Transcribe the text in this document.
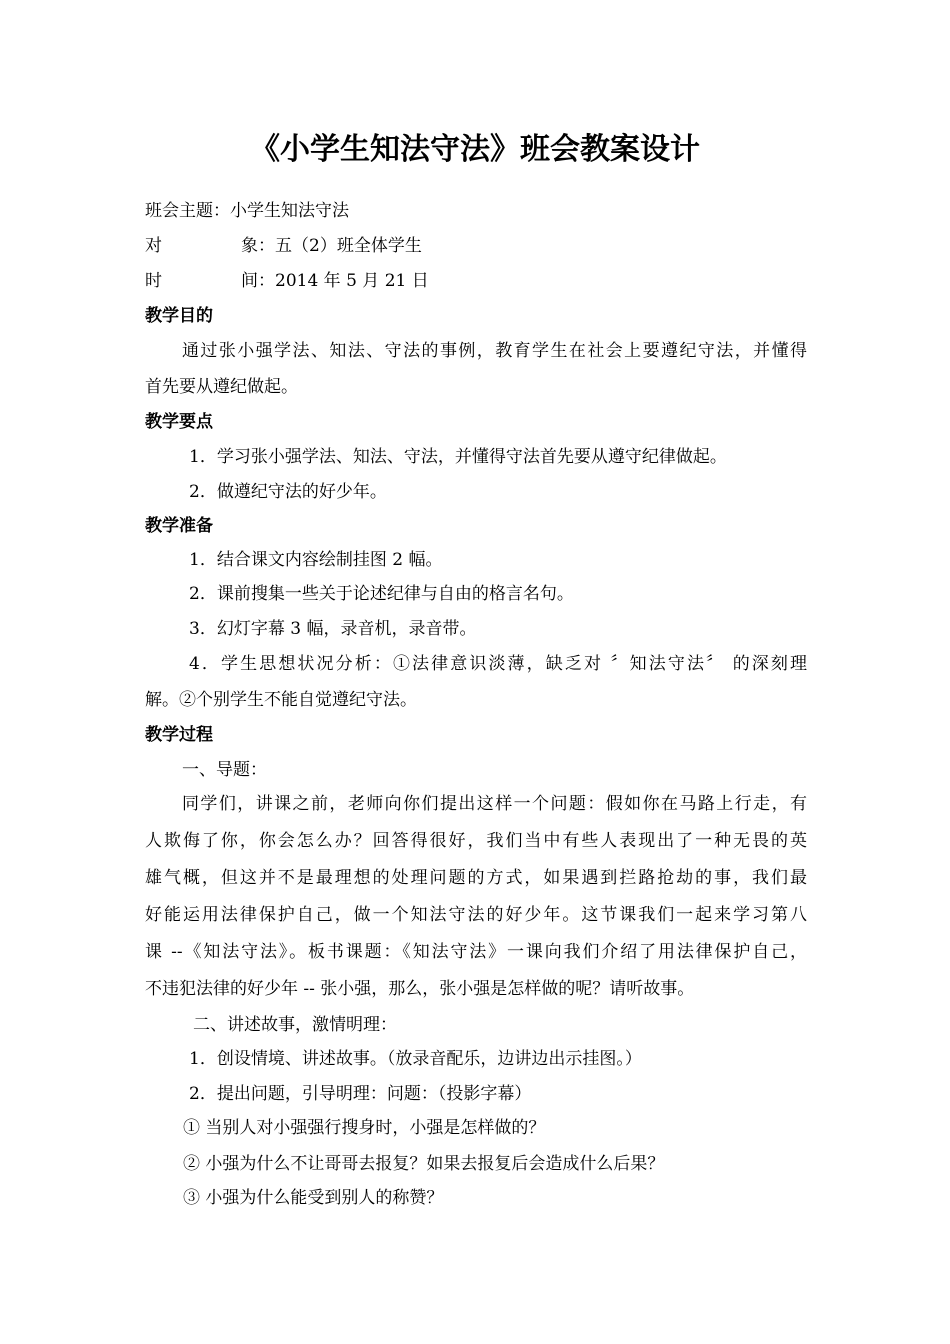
《小学生知法守法》班会教案设计
班会主题：小学生知法守法
对	象：五（2）班全体学生
时	间：2014 年 5 月 21 日
教学目的
通过张小强学法、知法、守法的事例，教育学生在社会上要遵纪守法，并懂得
首先要从遵纪做起。
教学要点
1．学习张小强学法、知法、守法，并懂得守法首先要从遵守纪律做起。
2．做遵纪守法的好少年。
教学准备
1．结合课文内容绘制挂图 2 幅。
2．课前搜集一些关于论述纪律与自由的格言名句。
3．幻灯字幕 3 幅，录音机，录音带。
4．学生思想状况分析：①法律意识淡薄，缺乏对 〞知法守法〞 的深刻理
解。②个别学生不能自觉遵纪守法。
教学过程
一、导题：
同学们，讲课之前，老师向你们提出这样一个问题：假如你在马路上行走，有
人欺侮了你，你会怎么办？回答得很好，我们当中有些人表现出了一种无畏的英
雄气概，但这并不是最理想的处理问题的方式，如果遇到拦路抢劫的事，我们最
好能运用法律保护自己，做一个知法守法的好少年。这节课我们一起来学习第八
课 --《知法守法》。板书课题：《知法守法》一课向我们介绍了用法律保护自己，
不违犯法律的好少年 -- 张小强，那么，张小强是怎样做的呢？请听故事。
二、讲述故事，激情明理：
1．创设情境、讲述故事。（放录音配乐，边讲边出示挂图。）
2．提出问题，引导明理：问题：（投影字幕）
① 当别人对小强强行搜身时，小强是怎样做的？
② 小强为什么不让哥哥去报复？如果去报复后会造成什么后果？
③ 小强为什么能受到别人的称赞？
